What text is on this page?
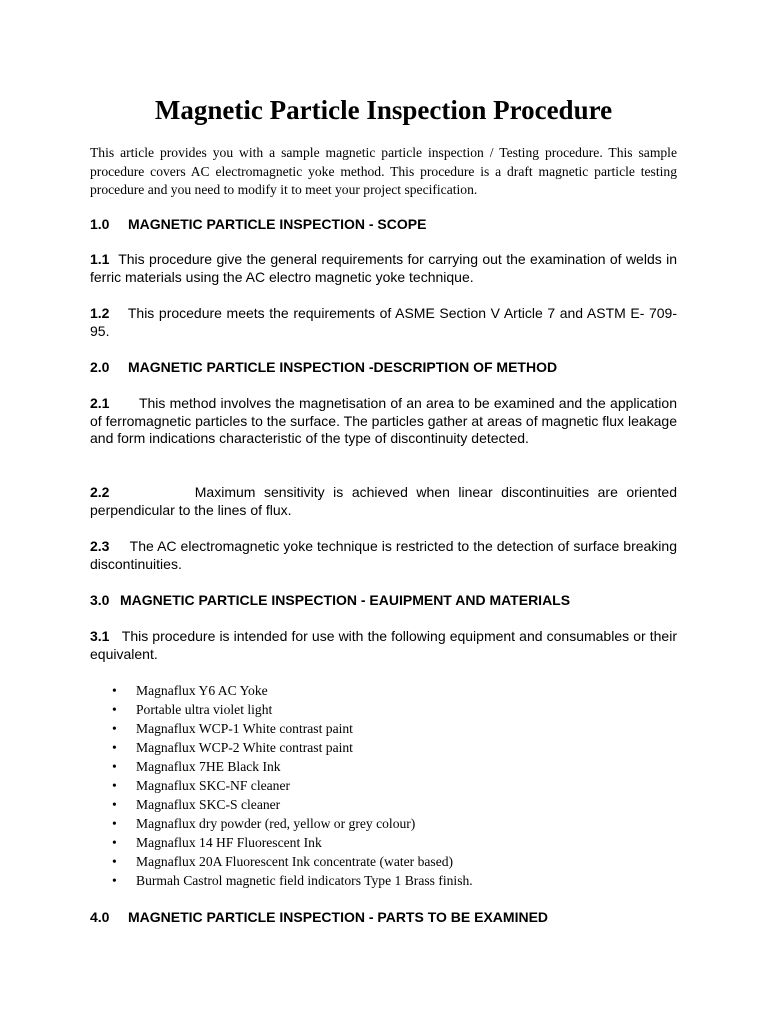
Magnetic Particle Inspection Procedure

This article provides you with a sample magnetic particle inspection / Testing procedure. This sample procedure covers AC electromagnetic yoke method. This procedure is a draft magnetic particle testing procedure and you need to modify it to meet your project specification.

1.0 MAGNETIC PARTICLE INSPECTION - SCOPE

1.1 This procedure give the general requirements for carrying out the examination of welds in ferric materials using the AC electro magnetic yoke technique.

1.2 This procedure meets the requirements of ASME Section V Article 7 and ASTM E- 709-95.

2.0 MAGNETIC PARTICLE INSPECTION -DESCRIPTION OF METHOD

2.1 This method involves the magnetisation of an area to be examined and the application of ferromagnetic particles to the surface. The particles gather at areas of magnetic flux leakage and form indications characteristic of the type of discontinuity detected.

2.2	Maximum sensitivity is achieved when linear discontinuities are oriented perpendicular to the lines of flux.

2.3 The AC electromagnetic yoke technique is restricted to the detection of surface breaking discontinuities.

3.0 MAGNETIC PARTICLE INSPECTION - EAUIPMENT AND MATERIALS

3.1 This procedure is intended for use with the following equipment and consumables or their equivalent.

• Magnaflux Y6 AC Yoke
• Portable ultra violet light
• Magnaflux WCP-1 White contrast paint
• Magnaflux WCP-2 White contrast paint
• Magnaflux 7HE Black Ink
• Magnaflux SKC-NF cleaner
• Magnaflux SKC-S cleaner
• Magnaflux dry powder (red, yellow or grey colour)
• Magnaflux 14 HF Fluorescent Ink
• Magnaflux 20A Fluorescent Ink concentrate (water based)
• Burmah Castrol magnetic field indicators Type 1 Brass finish.
4.0 MAGNETIC PARTICLE INSPECTION - PARTS TO BE EXAMINED
